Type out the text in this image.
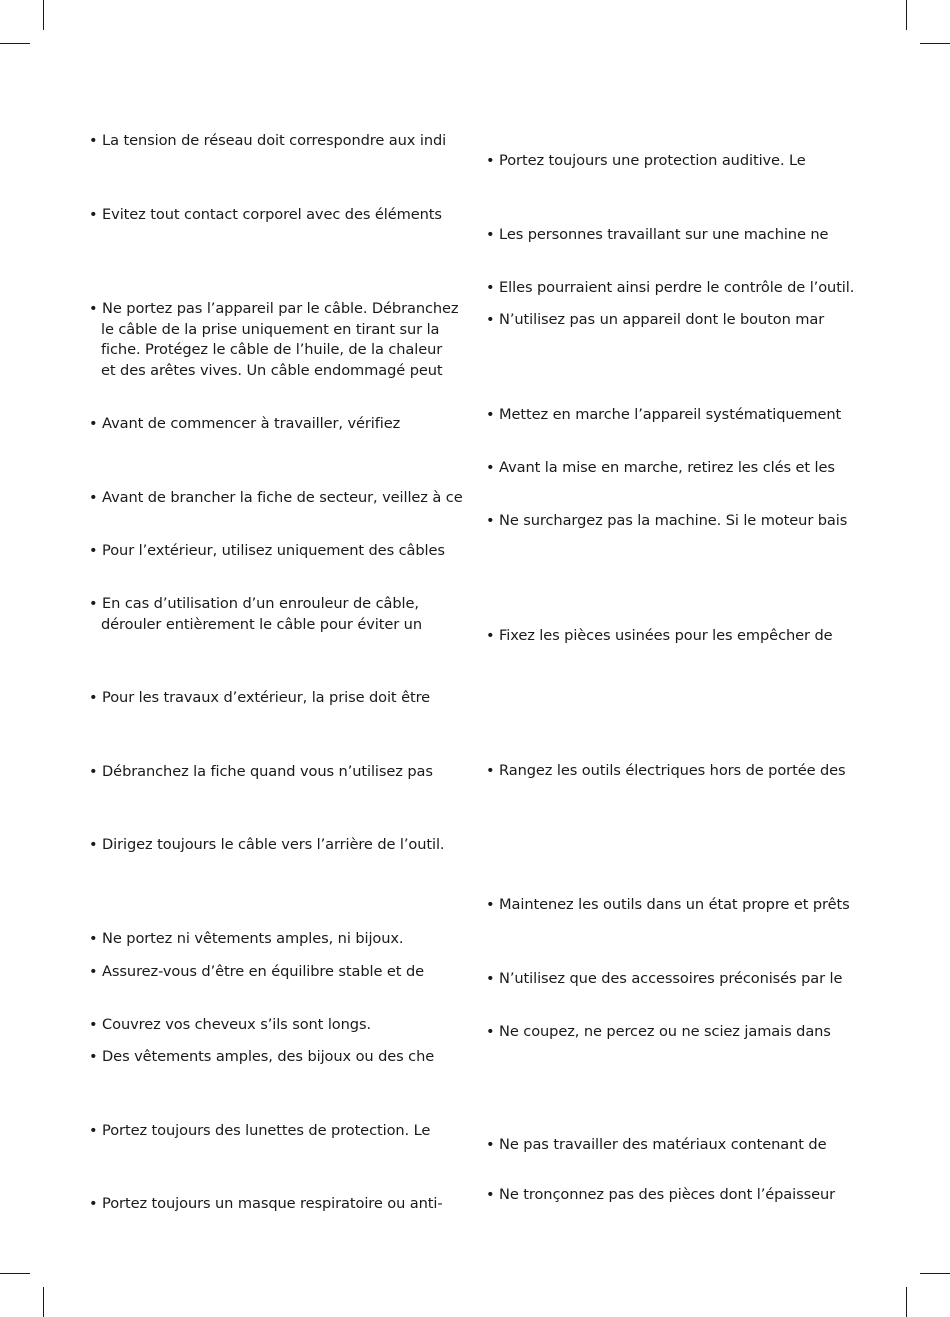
• La tension de réseau doit correspondre aux indi
• Evitez tout contact corporel avec des éléments
• Ne portez pas l’appareil par le câble. Débranchez
le câble de la prise uniquement en tirant sur la
fiche. Protégez le câble de l’huile, de la chaleur
et des arêtes vives. Un câble endommagé peut
• Avant de commencer à travailler, vérifiez
• Avant de brancher la fiche de secteur, veillez à ce
• Pour l’extérieur, utilisez uniquement des câbles
• En cas d’utilisation d’un enrouleur de câble,
dérouler entièrement le câble pour éviter un
• Pour les travaux d’extérieur, la prise doit être
• Débranchez la fiche quand vous n’utilisez pas
• Dirigez toujours le câble vers l’arrière de l’outil.
• Ne portez ni vêtements amples, ni bijoux.
• Assurez-vous d’être en équilibre stable et de
• Couvrez vos cheveux s’ils sont longs.
• Des vêtements amples, des bijoux ou des che
• Portez toujours des lunettes de protection. Le
• Portez toujours un masque respiratoire ou anti-
• Portez toujours une protection auditive. Le
• Les personnes travaillant sur une machine ne
• Elles pourraient ainsi perdre le contrôle de l’outil.
• N’utilisez pas un appareil dont le bouton mar
• Mettez en marche l’appareil systématiquement
• Avant la mise en marche, retirez les clés et les
• Ne surchargez pas la machine. Si le moteur bais
• Fixez les pièces usinées pour les empêcher de
• Rangez les outils électriques hors de portée des
• Maintenez les outils dans un état propre et prêts
• N’utilisez que des accessoires préconisés par le
• Ne coupez, ne percez ou ne sciez jamais dans
• Ne pas travailler des matériaux contenant de
• Ne tronçonnez pas des pièces dont l’épaisseur
